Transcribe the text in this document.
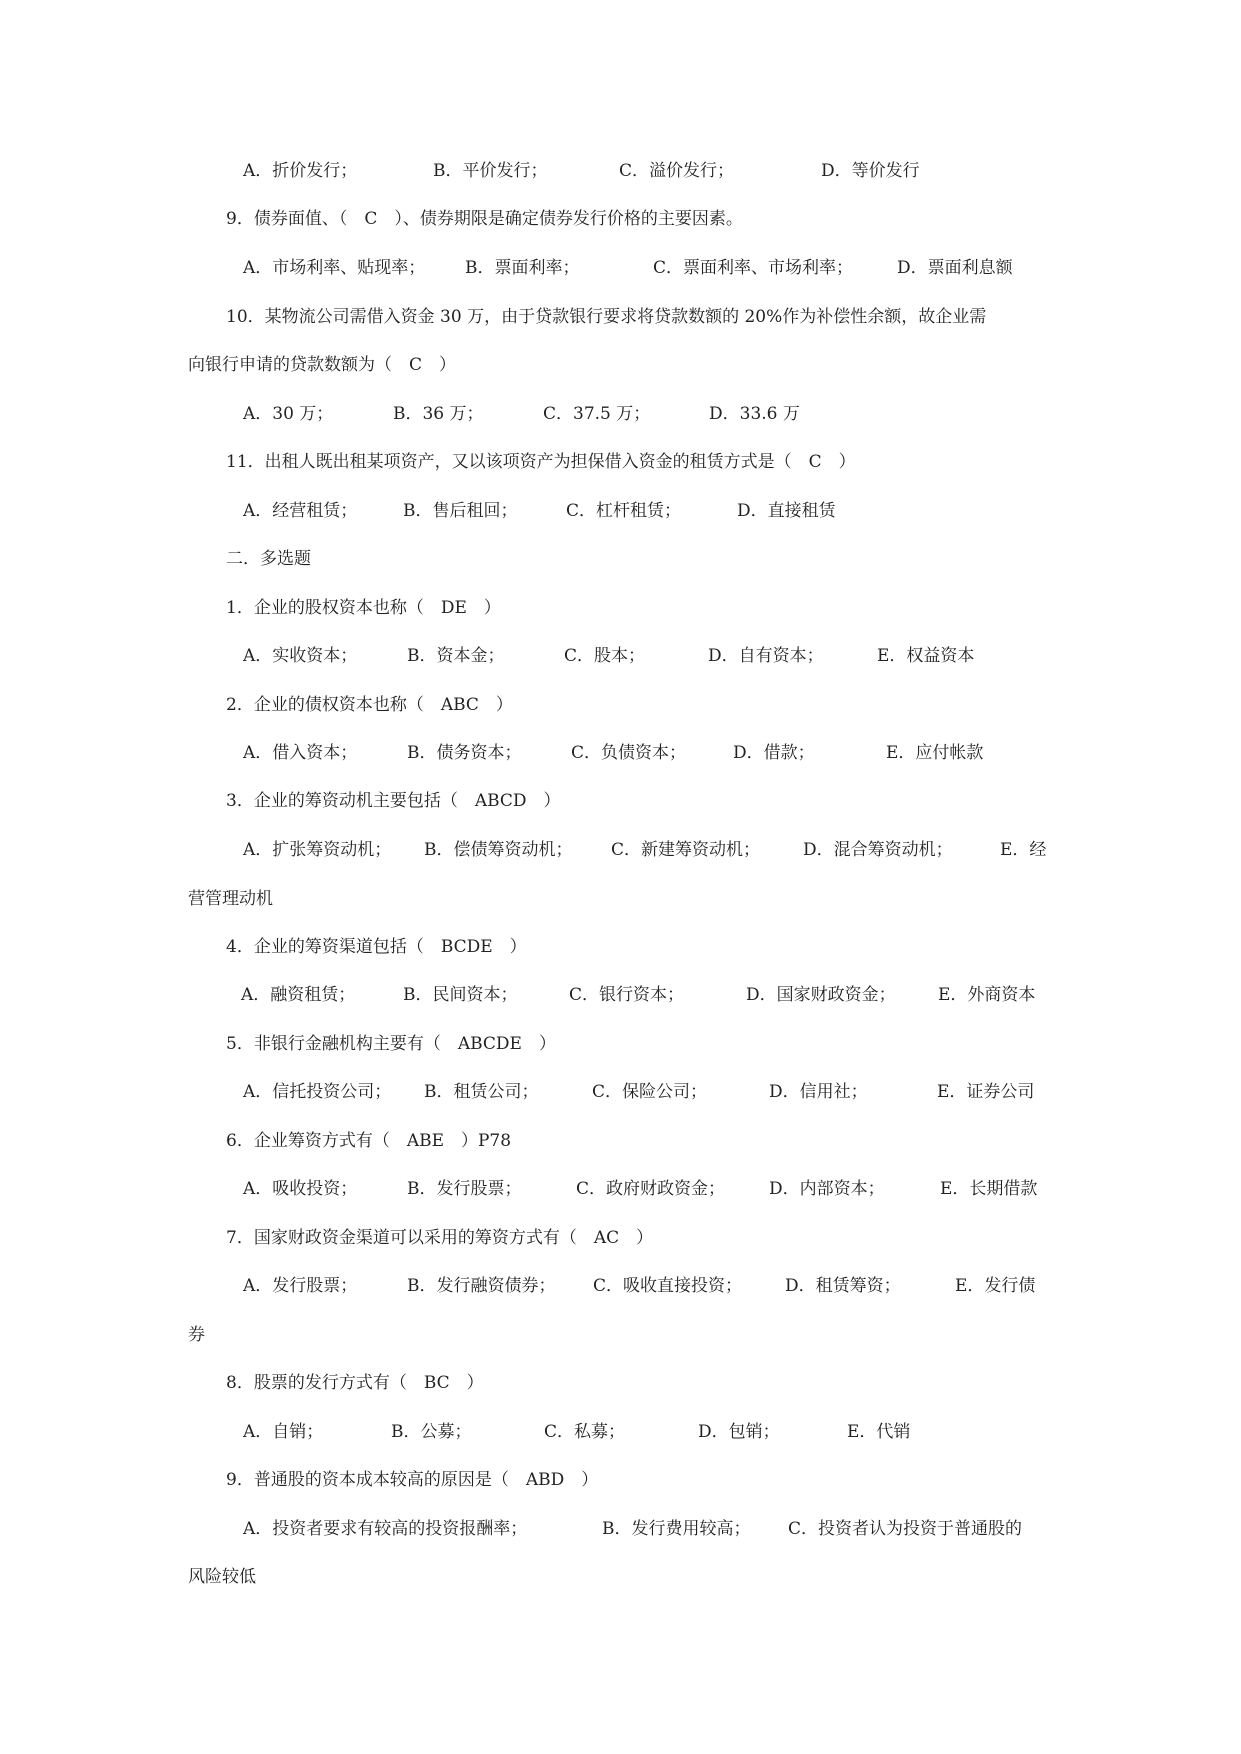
A．折价发行；

	B．平价发行；

	C．溢价发行；

	D．等价发行

9．债券面值、（　C　）、债券期限是确定债券发行价格的主要因素。

A．市场利率、贴现率；

B．票面利率；

	C．票面利率、市场利率；

	D．票面利息额

10．某物流公司需借入资金 30 万，由于贷款银行要求将贷款数额的 20%作为补偿性余额，故企业需
向银行申请的贷款数额为（　C　）

A．30 万；

	B．36 万；

	C．37.5 万；

	D．33.6 万

11．出租人既出租某项资产，又以该项资产为担保借入资金的租赁方式是（　C　）

A．经营租赁；

	B．售后租回；

	C．杠杆租赁；

	D．直接租赁

二．多选题
1．企业的股权资本也称（　DE　）

A．实收资本；

	B．资本金；

	C．股本；

	D．自有资本；

	E．权益资本

2．企业的债权资本也称（　ABC　）

A．借入资本；

	B．债务资本；

	C．负债资本；

	D．借款；

	E．应付帐款

3．企业的筹资动机主要包括（　ABCD　）

A．扩张筹资动机；

B．偿债筹资动机；

C．新建筹资动机；

	D．混合筹资动机；

	E．经

营管理动机
4．企业的筹资渠道包括（　BCDE　）

A．融资租赁；

	B．民间资本；

	C．银行资本；

	D．国家财政资金；

E．外商资本

5．非银行金融机构主要有（　ABCDE　）

A．信托投资公司；

B．租赁公司；

	C．保险公司；

	D．信用社；

	E．证券公司

6．企业筹资方式有（　ABE　）P78

A．吸收投资；

	B．发行股票；

	C．政府财政资金；

	D．内部资本；

	E．长期借款

7．国家财政资金渠道可以采用的筹资方式有（　AC　）

A．发行股票；

	B．发行融资债券；

C．吸收直接投资；

	D．租赁筹资；

	E．发行债

券
8．股票的发行方式有（　BC　）

A．自销；

	B．公募；

	C．私募；

	D．包销；

	E．代销

9．普通股的资本成本较高的原因是（　ABD　）

A．投资者要求有较高的投资报酬率；

	B．发行费用较高；

C．投资者认为投资于普通股的

风险较低
